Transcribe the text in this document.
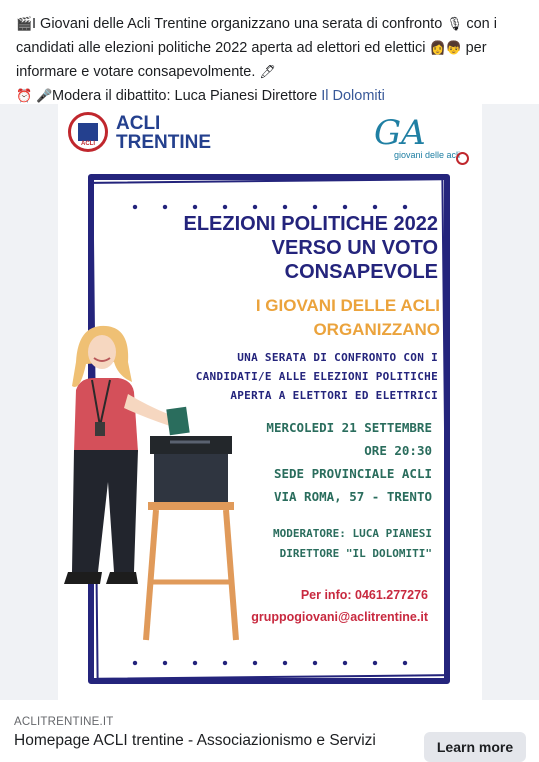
🎬I Giovani delle Acli Trentine organizzano una serata di confronto 🎙 con i candidati alle elezioni politiche 2022 aperta ad elettori ed elettici 👩👦 per informare e votare consapevolmente. 🖊

⏰ 🎤Modera il dibattito: Luca Pianesi Direttore Il Dolomiti

ACLI
ACLI
TRENTINE	GA
giovani delle acli

ELEZIONI POLITICHE 2022

VERSO UN VOTO

CONSAPEVOLE

I GIOVANI DELLE ACLI

ORGANIZZANO

UNA SERATA DI CONFRONTO CON I

CANDIDATI/E ALLE ELEZIONI POLITICHE

APERTA A ELETTORI ED ELETTRICI

MERCOLEDI 21 SETTEMBRE

ORE 20:30

SEDE PROVINCIALE ACLI

VIA ROMA, 57 - TRENTO

MODERATORE: LUCA PIANESI

DIRETTORE "IL DOLOMITI"

Per info: 0461.277276

gruppogiovani@aclitrentine.it

ACLITRENTINE.IT
Homepage ACLI trentine - Associazionismo e Servizi	Learn more
